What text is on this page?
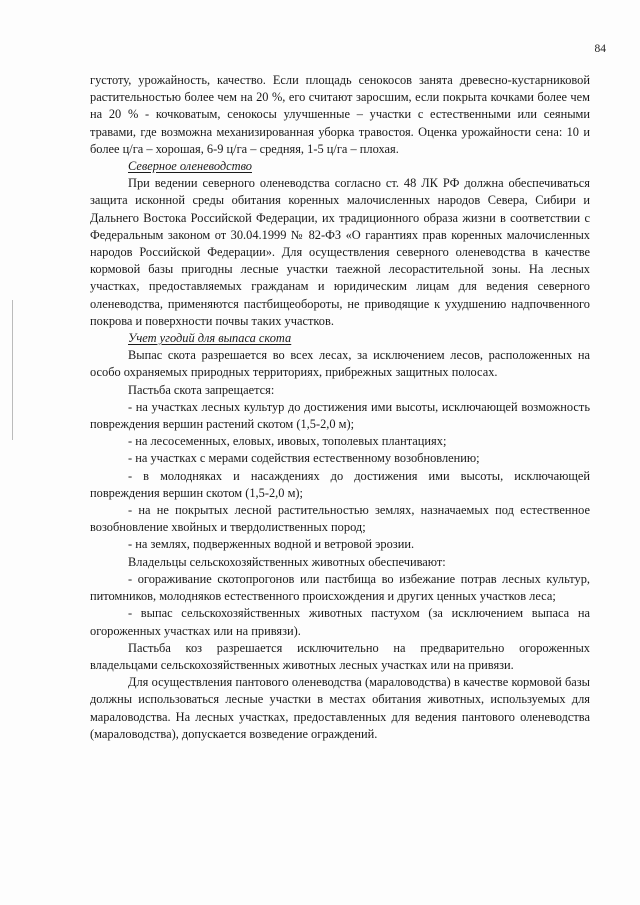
84

густоту, урожайность, качество. Если площадь сенокосов занята древесно-кустарниковой растительностью более чем на 20 %, его считают заросшим, если покрыта кочками более чем на 20 % - кочковатым, сенокосы улучшенные – участки с естественными или сеяными травами, где возможна механизированная уборка травостоя. Оценка урожайности сена: 10 и более ц/га – хорошая, 6-9 ц/га – средняя, 1-5 ц/га – плохая.

Северное оленеводство

При ведении северного оленеводства согласно ст. 48 ЛК РФ должна обеспечиваться защита исконной среды обитания коренных малочисленных народов Севера, Сибири и Дальнего Востока Российской Федерации, их традиционного образа жизни в соответствии с Федеральным законом от 30.04.1999 № 82-ФЗ «О гарантиях прав коренных малочисленных народов Российской Федерации». Для осуществления северного оленеводства в качестве кормовой базы пригодны лесные участки таежной лесорастительной зоны. На лесных участках, предоставляемых гражданам и юридическим лицам для ведения северного оленеводства, применяются пастбищеобороты, не приводящие к ухудшению надпочвенного покрова и поверхности почвы таких участков.

Учет угодий для выпаса скота

Выпас скота разрешается во всех лесах, за исключением лесов, расположенных на особо охраняемых природных территориях, прибрежных защитных полосах.

Пастьба скота запрещается:

- на участках лесных культур до достижения ими высоты, исключающей возможность повреждения вершин растений скотом (1,5-2,0 м);

- на лесосеменных, еловых, ивовых, тополевых плантациях;

- на участках с мерами содействия естественному возобновлению;

- в молодняках и насаждениях до достижения ими высоты, исключающей повреждения вершин скотом (1,5-2,0 м);

- на не покрытых лесной растительностью землях, назначаемых под естественное возобновление хвойных и твердолиственных пород;

- на землях, подверженных водной и ветровой эрозии.

Владельцы сельскохозяйственных животных обеспечивают:

- огораживание скотопрогонов или пастбища во избежание потрав лесных культур, питомников, молодняков естественного происхождения и других ценных участков леса;

- выпас сельскохозяйственных животных пастухом (за исключением выпаса на огороженных участках или на привязи).

Пастьба коз разрешается исключительно на предварительно огороженных владельцами сельскохозяйственных животных лесных участках или на привязи.

Для осуществления пантового оленеводства (мараловодства) в качестве кормовой базы должны использоваться лесные участки в местах обитания животных, используемых для мараловодства. На лесных участках, предоставленных для ведения пантового оленеводства (мараловодства), допускается возведение ограждений.
